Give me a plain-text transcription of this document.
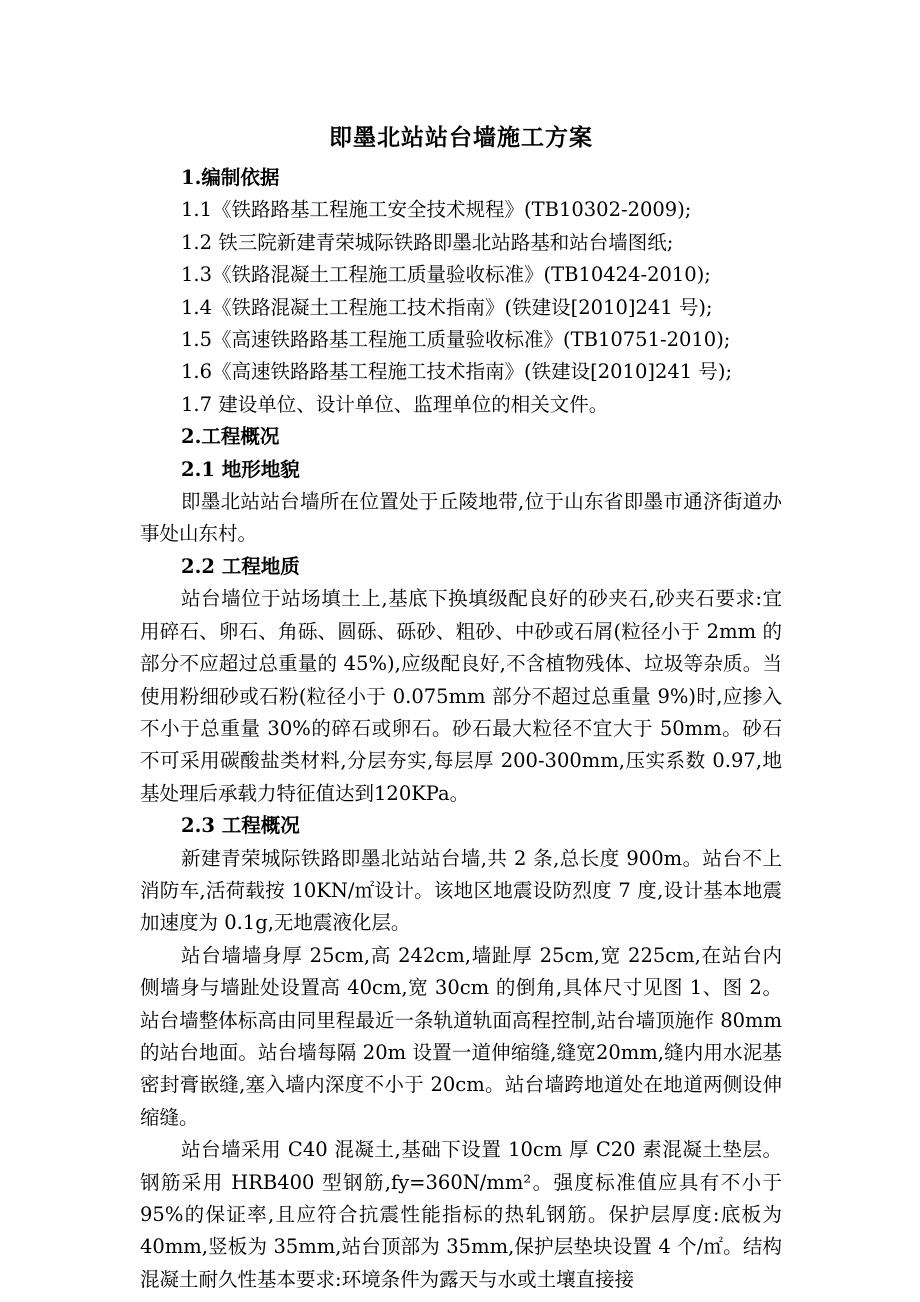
即墨北站站台墙施工方案

1.编制依据

1.1《铁路路基工程施工安全技术规程》(TB10302-2009);

1.2 铁三院新建青荣城际铁路即墨北站路基和站台墙图纸;

1.3《铁路混凝土工程施工质量验收标准》(TB10424-2010);

1.4《铁路混凝土工程施工技术指南》(铁建设[2010]241 号);

1.5《高速铁路路基工程施工质量验收标准》(TB10751-2010);

1.6《高速铁路路基工程施工技术指南》(铁建设[2010]241 号);

1.7 建设单位、设计单位、监理单位的相关文件。

2.工程概况

2.1 地形地貌

即墨北站站台墙所在位置处于丘陵地带,位于山东省即墨市通济街道办事处山东村。

2.2 工程地质

站台墙位于站场填土上,基底下换填级配良好的砂夹石,砂夹石要求:宜用碎石、卵石、角砾、圆砾、砾砂、粗砂、中砂或石屑(粒径小于 2mm 的部分不应超过总重量的 45%),应级配良好,不含植物残体、垃圾等杂质。当使用粉细砂或石粉(粒径小于 0.075mm 部分不超过总重量 9%)时,应掺入不小于总重量 30%的碎石或卵石。砂石最大粒径不宜大于 50mm。砂石不可采用碳酸盐类材料,分层夯实,每层厚 200-300mm,压实系数 0.97,地基处理后承载力特征值达到120KPa。

2.3 工程概况

新建青荣城际铁路即墨北站站台墙,共 2 条,总长度 900m。站台不上消防车,活荷载按 10KN/㎡设计。该地区地震设防烈度 7 度,设计基本地震加速度为 0.1g,无地震液化层。

站台墙墙身厚 25cm,高 242cm,墙趾厚 25cm,宽 225cm,在站台内侧墙身与墙趾处设置高 40cm,宽 30cm 的倒角,具体尺寸见图 1、图 2。站台墙整体标高由同里程最近一条轨道轨面高程控制,站台墙顶施作 80mm 的站台地面。站台墙每隔 20m 设置一道伸缩缝,缝宽20mm,缝内用水泥基密封膏嵌缝,塞入墙内深度不小于 20cm。站台墙跨地道处在地道两侧设伸缩缝。

站台墙采用 C40 混凝土,基础下设置 10cm 厚 C20 素混凝土垫层。钢筋采用 HRB400 型钢筋,fy=360N/mm²。强度标准值应具有不小于95%的保证率,且应符合抗震性能指标的热轧钢筋。保护层厚度:底板为 40mm,竖板为 35mm,站台顶部为 35mm,保护层垫块设置 4 个/㎡。结构混凝土耐久性基本要求:环境条件为露天与水或土壤直接接
